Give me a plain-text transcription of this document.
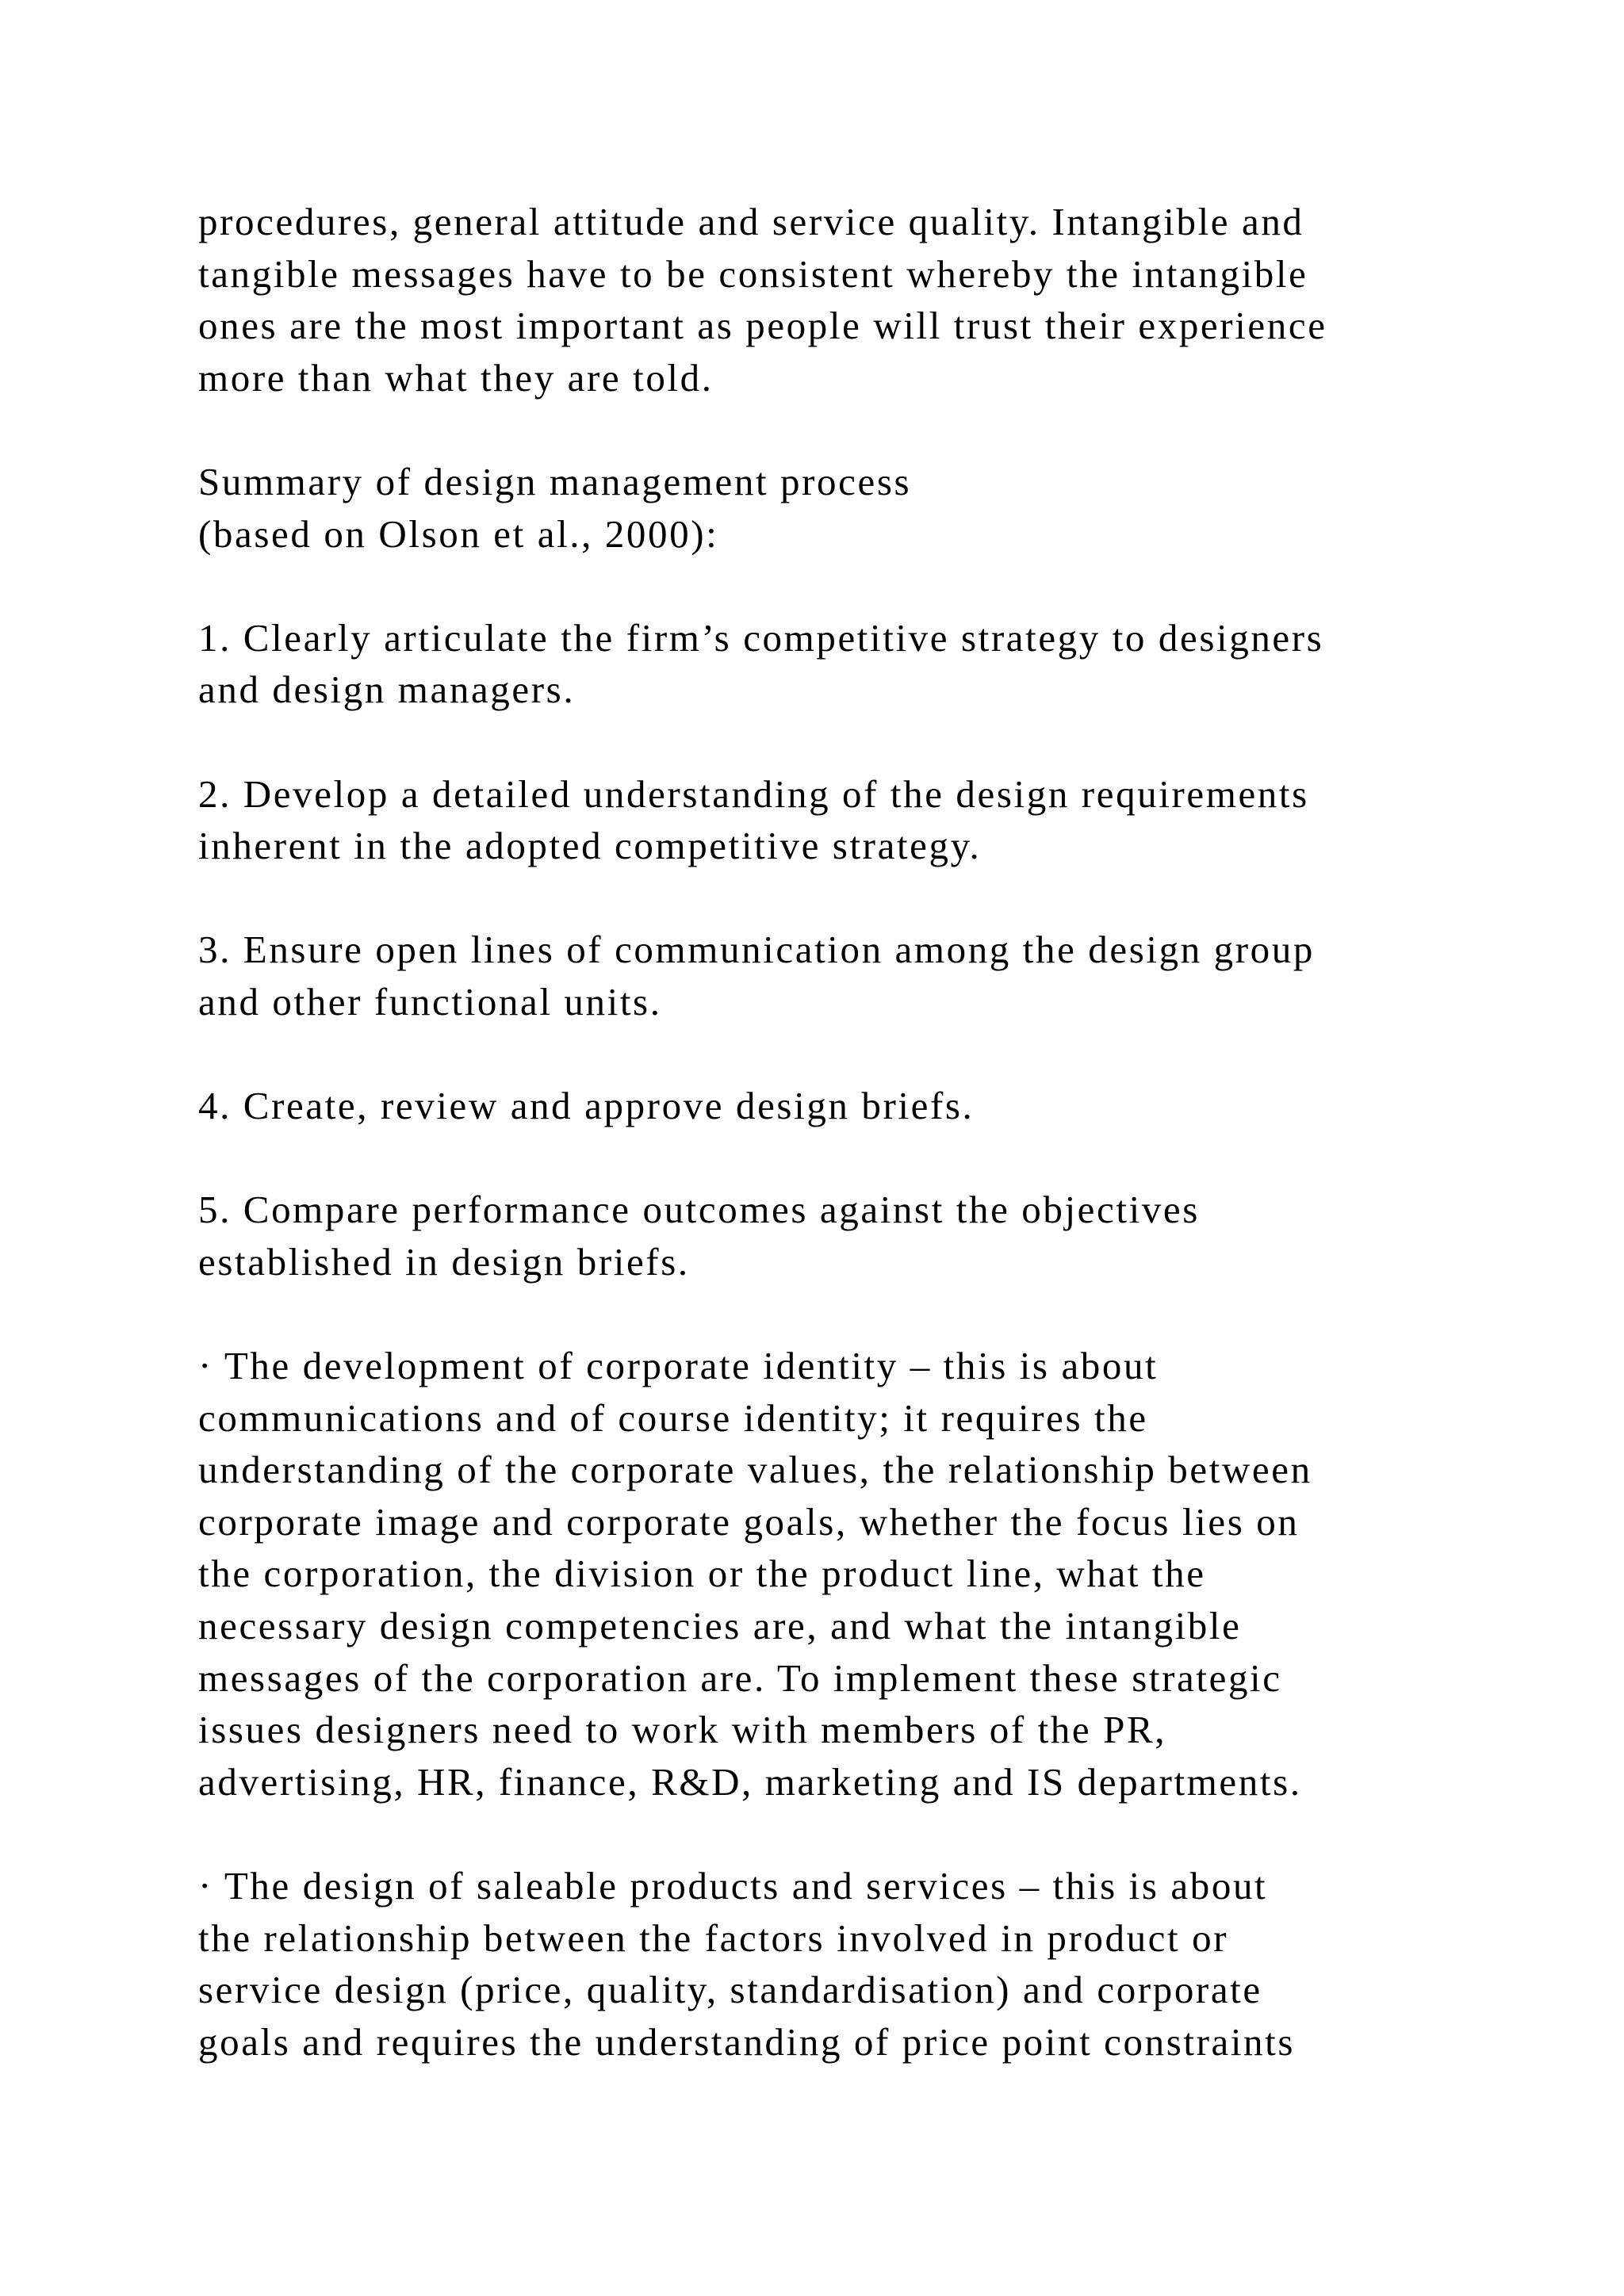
procedures, general attitude and service quality. Intangible and
tangible messages have to be consistent whereby the intangible
ones are the most important as people will trust their experience
more than what they are told.
Summary of design management process
(based on Olson et al., 2000):
1. Clearly articulate the firm’s competitive strategy to designers
and design managers.
2. Develop a detailed understanding of the design requirements
inherent in the adopted competitive strategy.
3. Ensure open lines of communication among the design group
and other functional units.
4. Create, review and approve design briefs.
5. Compare performance outcomes against the objectives
established in design briefs.
· The development of corporate identity – this is about
communications and of course identity; it requires the
understanding of the corporate values, the relationship between
corporate image and corporate goals, whether the focus lies on
the corporation, the division or the product line, what the
necessary design competencies are, and what the intangible
messages of the corporation are. To implement these strategic
issues designers need to work with members of the PR,
advertising, HR, finance, R&D, marketing and IS departments.
· The design of saleable products and services – this is about
the relationship between the factors involved in product or
service design (price, quality, standardisation) and corporate
goals and requires the understanding of price point constraints
